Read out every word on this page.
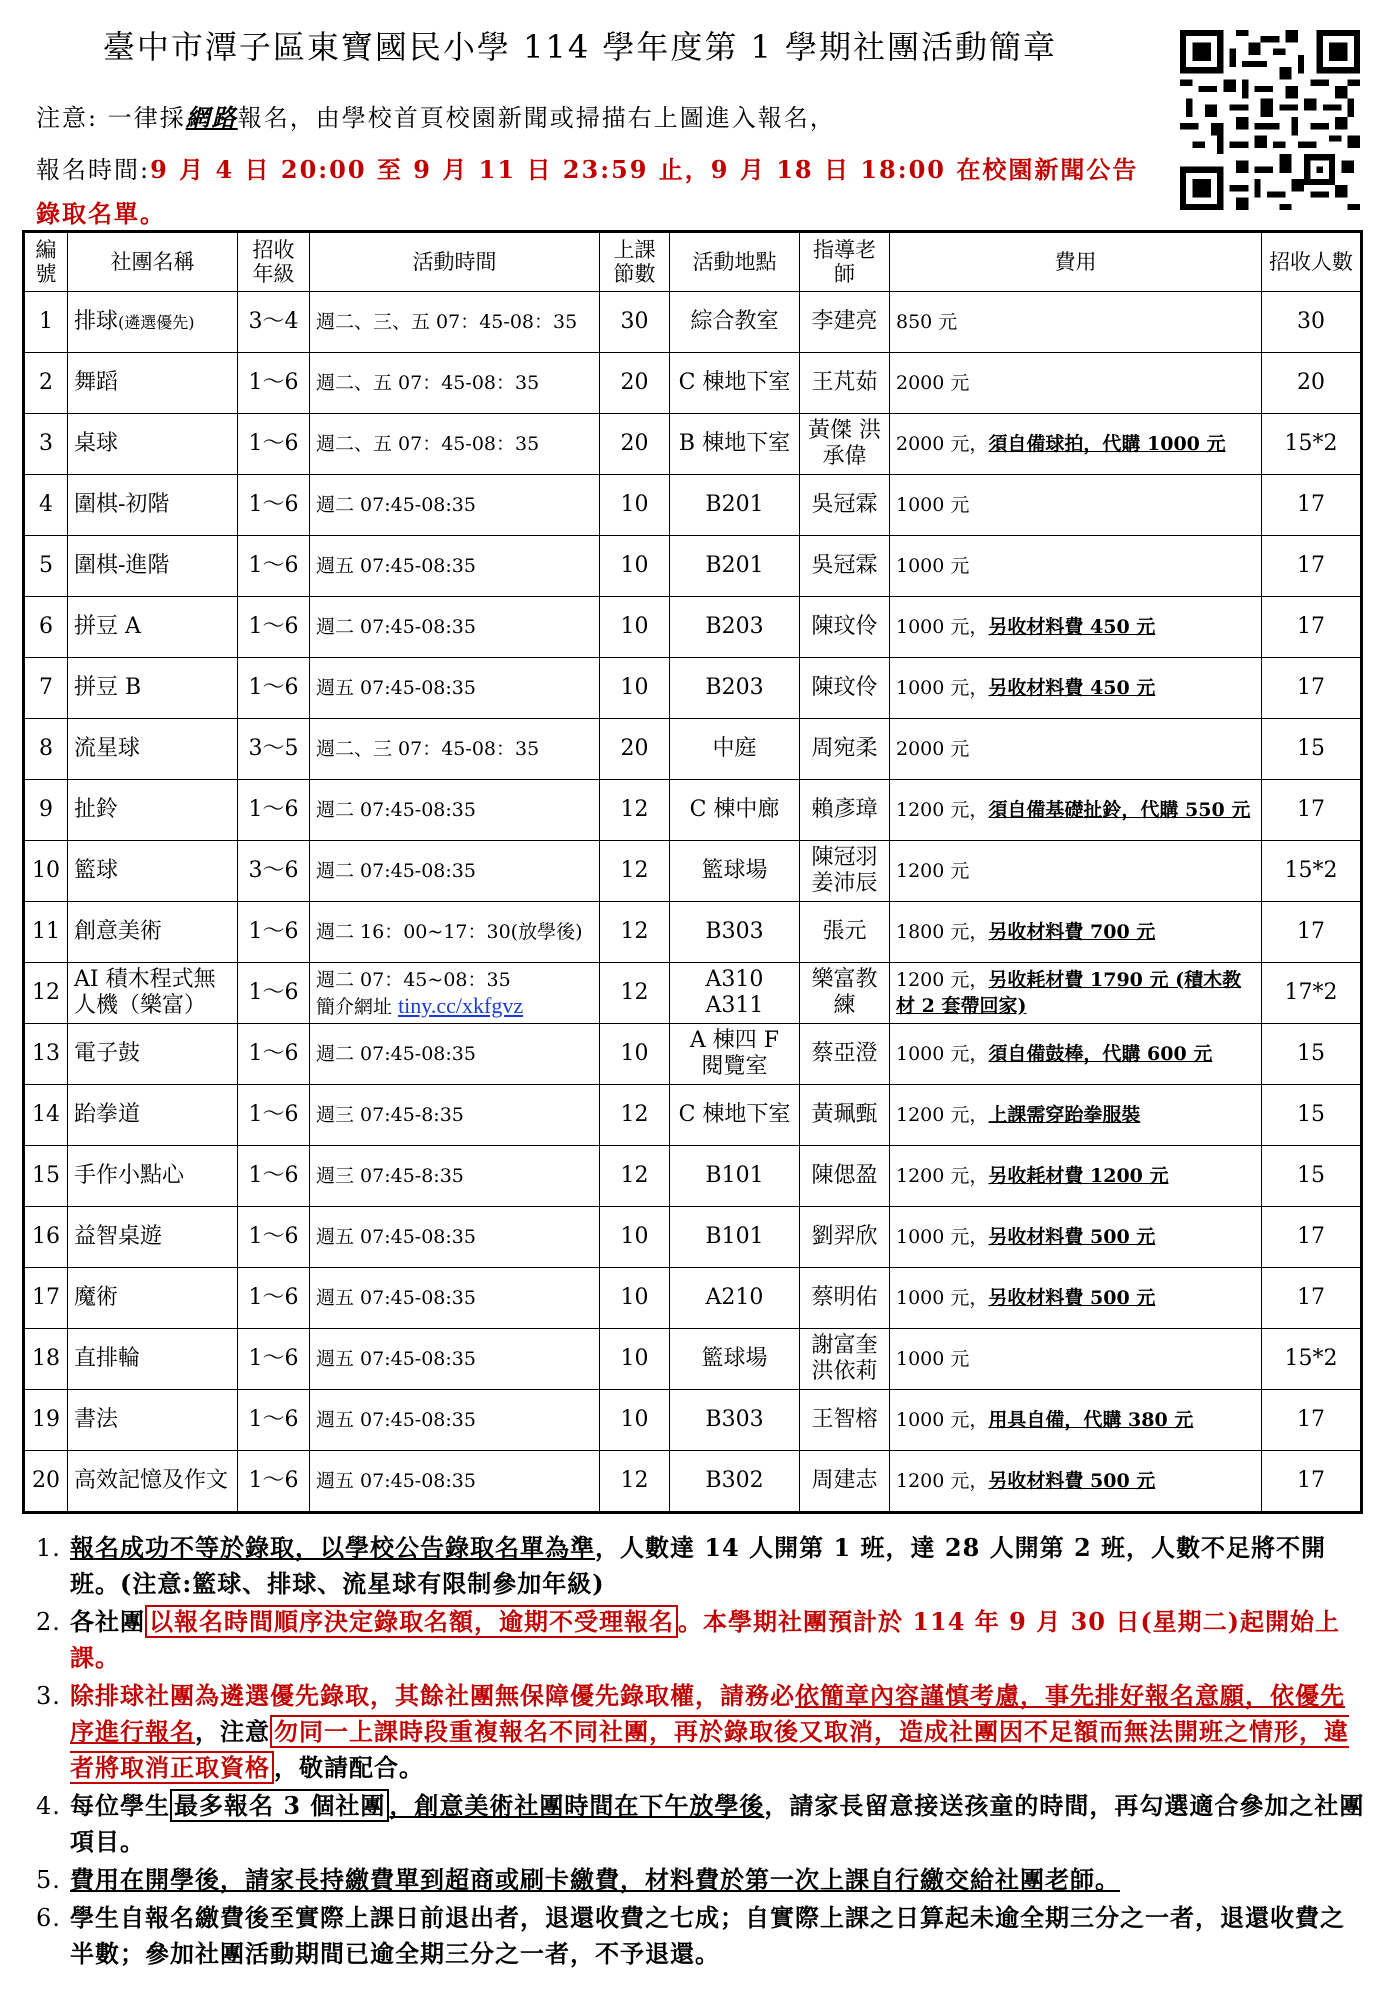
臺中市潭子區東寶國民小學 114 學年度第 1 學期社團活動簡章
注意: 一律採網路報名，由學校首頁校園新聞或掃描右上圖進入報名，
報名時間:9 月 4 日 20:00 至 9 月 11 日 23:59 止，9 月 18 日 18:00 在校園新聞公告錄取名單。
編號	社團名稱	招收年級	活動時間	上課節數	活動地點	指導老師	費用	招收人數
1	排球(遴選優先)	3～4	週二、三、五 07：45-08：35	30	綜合教室	李建亮	850 元	30
2	舞蹈	1～6	週二、五 07：45-08：35	20	C 棟地下室	王芃茹	2000 元	20
3	桌球	1～6	週二、五 07：45-08：35	20	B 棟地下室	黃傑 洪承偉	2000 元，須自備球拍，代購 1000 元	15*2
4	圍棋-初階	1～6	週二 07:45-08:35	10	B201	吳冠霖	1000 元	17
5	圍棋-進階	1～6	週五 07:45-08:35	10	B201	吳冠霖	1000 元	17
6	拼豆 A	1～6	週二 07:45-08:35	10	B203	陳玟伶	1000 元，另收材料費 450 元	17
7	拼豆 B	1～6	週五 07:45-08:35	10	B203	陳玟伶	1000 元，另收材料費 450 元	17
8	流星球	3～5	週二、三 07：45-08：35	20	中庭	周宛柔	2000 元	15
9	扯鈴	1～6	週二 07:45-08:35	12	C 棟中廊	賴彥璋	1200 元，須自備基礎扯鈴，代購 550 元	17
10	籃球	3～6	週二 07:45-08:35	12	籃球場	陳冠羽 姜沛辰	1200 元	15*2
11	創意美術	1～6	週二 16：00~17：30(放學後)	12	B303	張元	1800 元，另收材料費 700 元	17
12	AI 積木程式無人機（樂富）	1～6	週二 07：45~08：35
簡介網址 tiny.cc/xkfgvz	12	A310 A311	樂富教練	1200 元，另收耗材費 1790 元 (積木教材 2 套帶回家)	17*2
13	電子鼓	1～6	週二 07:45-08:35	10	A 棟四 F 閱覽室	蔡亞澄	1000 元，須自備鼓棒，代購 600 元	15
14	跆拳道	1～6	週三 07:45-8:35	12	C 棟地下室	黃珮甄	1200 元，上課需穿跆拳服裝	15
15	手作小點心	1～6	週三 07:45-8:35	12	B101	陳偲盈	1200 元，另收耗材費 1200 元	15
16	益智桌遊	1～6	週五 07:45-08:35	10	B101	劉羿欣	1000 元，另收材料費 500 元	17
17	魔術	1～6	週五 07:45-08:35	10	A210	蔡明佑	1000 元，另收材料費 500 元	17
18	直排輪	1～6	週五 07:45-08:35	10	籃球場	謝富奎 洪依莉	1000 元	15*2
19	書法	1～6	週五 07:45-08:35	10	B303	王智榕	1000 元，用具自備，代購 380 元	17
20	高效記憶及作文	1～6	週五 07:45-08:35	12	B302	周建志	1200 元，另收材料費 500 元	17
1. 報名成功不等於錄取，以學校公告錄取名單為準，人數達 14 人開第 1 班，達 28 人開第 2 班，人數不足將不開班。(注意:籃球、排球、流星球有限制參加年級)
2. 各社團 以報名時間順序決定錄取名額，逾期不受理報名 。本學期社團預計於 114 年 9 月 30 日(星期二)起開始上課。
3. 除排球社團為遴選優先錄取，其餘社團無保障優先錄取權，請務必依簡章內容謹慎考慮，事先排好報名意願，依優先序進行報名，注意 勿同一上課時段重複報名不同社團，再於錄取後又取消，造成社團因不足額而無法開班之情形，違者將取消正取資格 ，敬請配合。
4. 每位學生 最多報名 3 個社團 ，創意美術社團時間在下午放學後，請家長留意接送孩童的時間，再勾選適合參加之社團項目。
5. 費用在開學後，請家長持繳費單到超商或刷卡繳費，材料費於第一次上課自行繳交給社團老師。
6. 學生自報名繳費後至實際上課日前退出者，退還收費之七成；自實際上課之日算起未逾全期三分之一者，退還收費之半數；參加社團活動期間已逾全期三分之一者，不予退還。
